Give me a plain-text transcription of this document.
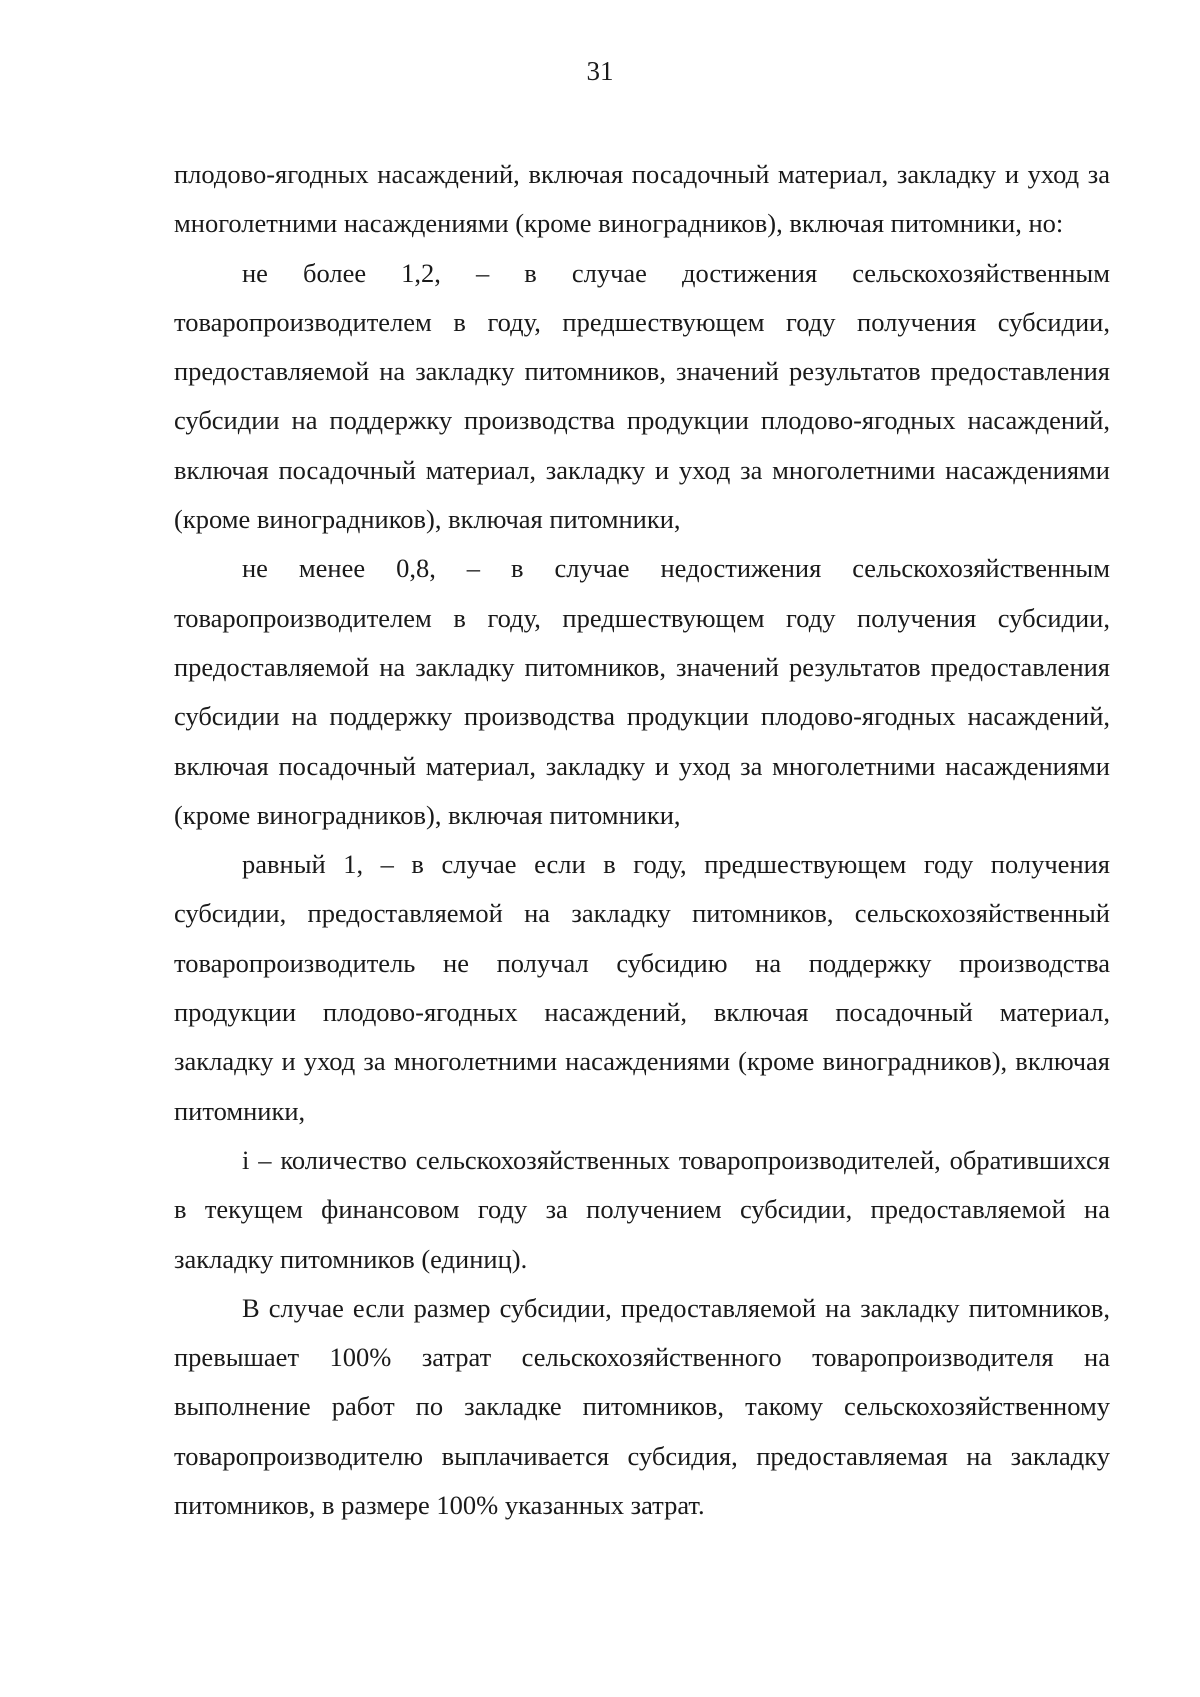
31

плодово-ягодных насаждений, включая посадочный материал, закладку и уход за многолетними насаждениями (кроме виноградников), включая питомники, но:

не более 1,2, – в случае достижения сельскохозяйственным товаропроизводителем в году, предшествующем году получения субсидии, предоставляемой на закладку питомников, значений результатов предоставления субсидии на поддержку производства продукции плодово-ягодных насаждений, включая посадочный материал, закладку и уход за многолетними насаждениями (кроме виноградников), включая питомники,

не менее 0,8, – в случае недостижения сельскохозяйственным товаропроизводителем в году, предшествующем году получения субсидии, предоставляемой на закладку питомников, значений результатов предоставления субсидии на поддержку производства продукции плодово-ягодных насаждений, включая посадочный материал, закладку и уход за многолетними насаждениями (кроме виноградников), включая питомники,

равный 1, – в случае если в году, предшествующем году получения субсидии, предоставляемой на закладку питомников, сельскохозяйственный товаропроизводитель не получал субсидию на поддержку производства продукции плодово-ягодных насаждений, включая посадочный материал, закладку и уход за многолетними насаждениями (кроме виноградников), включая питомники,

i – количество сельскохозяйственных товаропроизводителей, обратившихся в текущем финансовом году за получением субсидии, предоставляемой на закладку питомников (единиц).

В случае если размер субсидии, предоставляемой на закладку питомников, превышает 100% затрат сельскохозяйственного товаропроизводителя на выполнение работ по закладке питомников, такому сельскохозяйственному товаропроизводителю выплачивается субсидия, предоставляемая на закладку питомников, в размере 100% указанных затрат.
